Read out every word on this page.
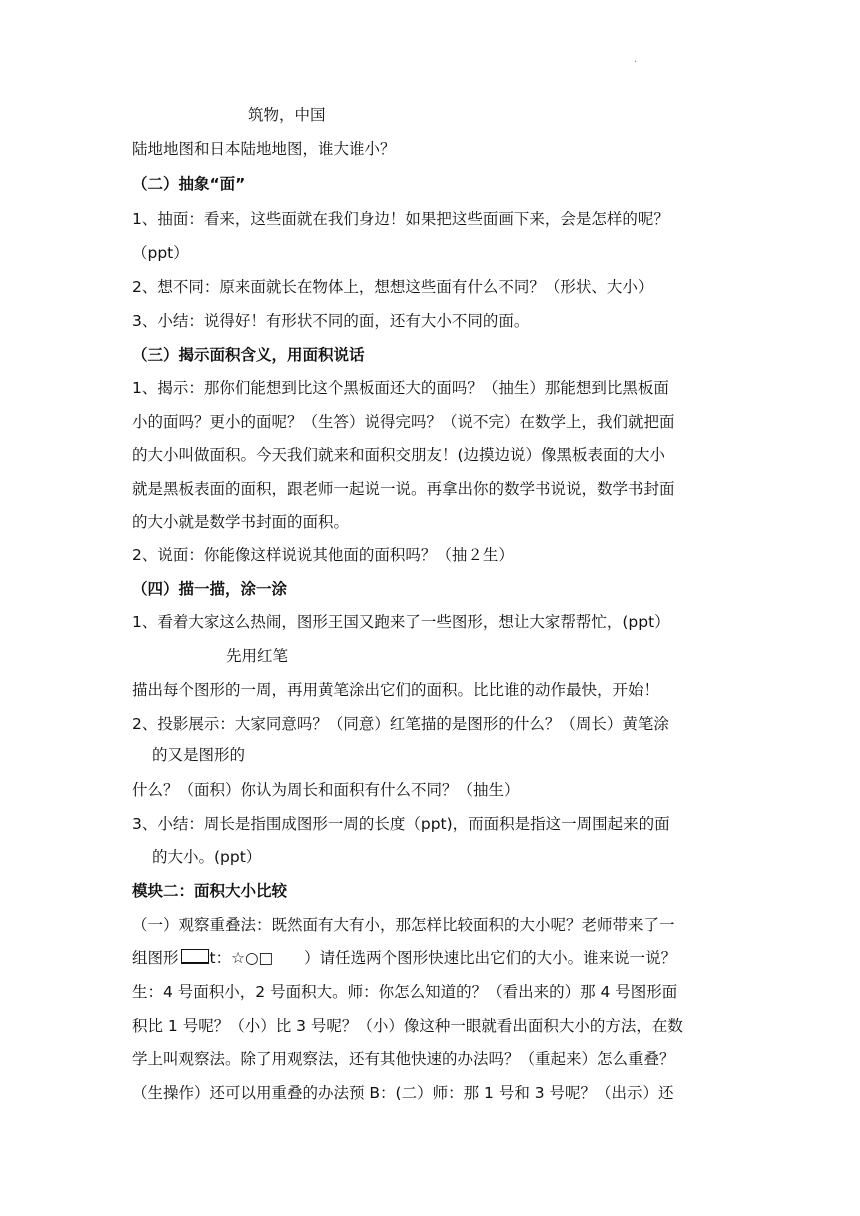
.
筑物，中国
陆地地图和日本陆地地图，谁大谁小？
（二）抽象“面”
1、抽面：看来，这些面就在我们身边！如果把这些面画下来，会是怎样的呢？
（ppt）
2、想不同：原来面就长在物体上，想想这些面有什么不同？（形状、大小）
3、小结：说得好！有形状不同的面，还有大小不同的面。
（三）揭示面积含义，用面积说话
1、揭示：那你们能想到比这个黑板面还大的面吗？（抽生）那能想到比黑板面
小的面吗？更小的面呢？（生答）说得完吗？（说不完）在数学上，我们就把面
的大小叫做面积。今天我们就来和面积交朋友！(边摸边说）像黑板表面的大小
就是黑板表面的面积，跟老师一起说一说。再拿出你的数学书说说，数学书封面
的大小就是数学书封面的面积。
2、说面：你能像这样说说其他面的面积吗？（抽２生）
（四）描一描，涂一涂
1、看着大家这么热闹，图形王国又跑来了一些图形，想让大家帮帮忙，(ppt）
先用红笔
描出每个图形的一周，再用黄笔涂出它们的面积。比比谁的动作最快，开始！
2、投影展示：大家同意吗？（同意）红笔描的是图形的什么？（周长）黄笔涂
的又是图形的
什么？（面积）你认为周长和面积有什么不同？（抽生）
3、小结：周长是指围成图形一周的长度（ppt)，而面积是指这一周围起来的面
的大小。(ppt）
模块二：面积大小比较
（一）观察重叠法：既然面有大有小，那怎样比较面积的大小呢？老师带来了一
组图形 t：☆○□　　）请任选两个图形快速比出它们的大小。谁来说一说？
生：4 号面积小，2 号面积大。师：你怎么知道的？（看出来的）那 4 号图形面
积比 1 号呢？（小）比 3 号呢？（小）像这种一眼就看出面积大小的方法，在数
学上叫观察法。除了用观察法，还有其他快速的办法吗？（重起来）怎么重叠？
（生操作）还可以用重叠的办法预 B：(二）师：那 1 号和 3 号呢？（出示）还
